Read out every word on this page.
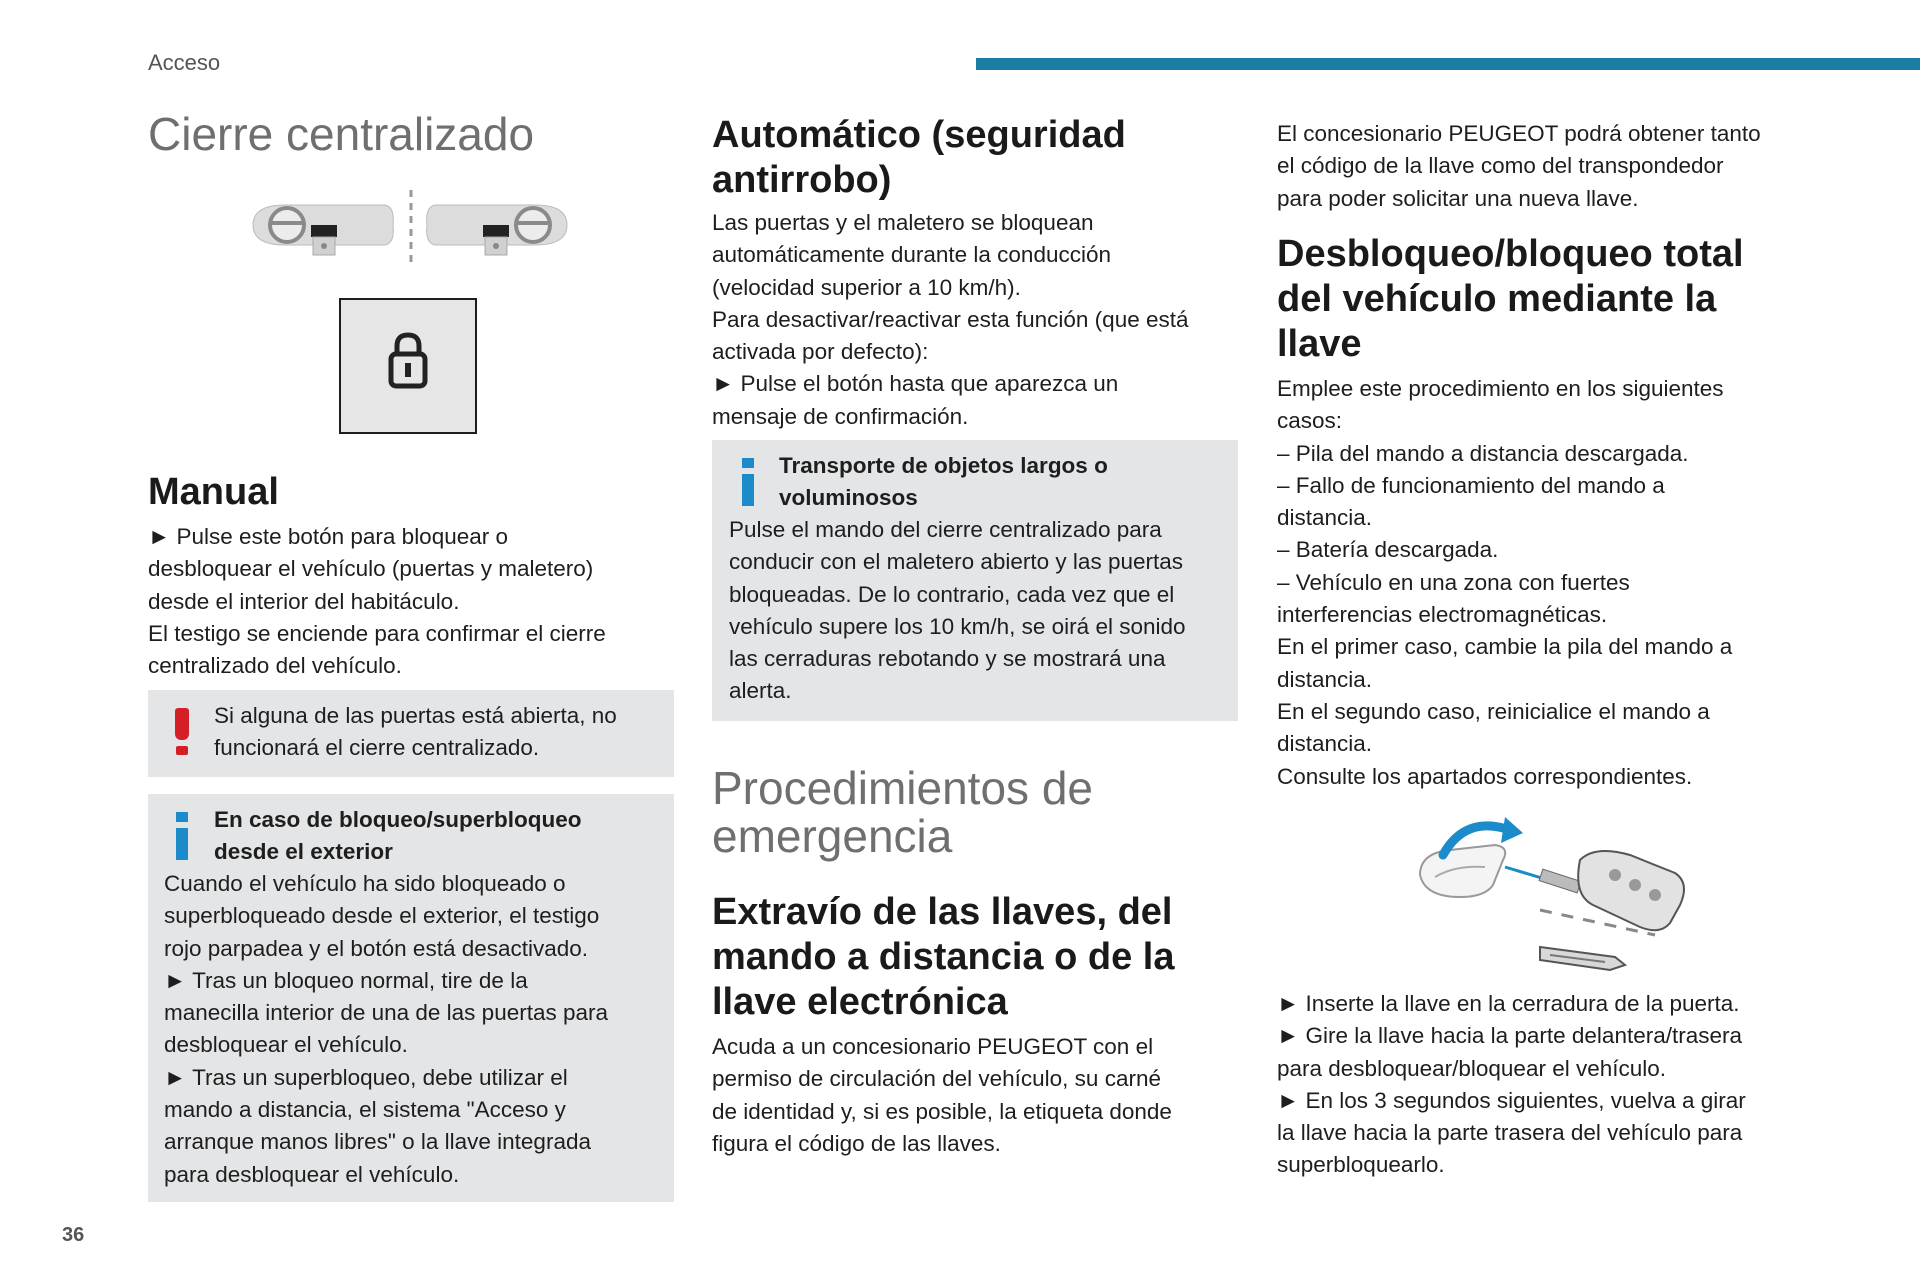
Acceso
36
Cierre centralizado
Manual

► Pulse este botón para bloquear o

desbloquear el vehículo (puertas y maletero)

desde el interior del habitáculo.

El testigo se enciende para confirmar el cierre

centralizado del vehículo.

Si alguna de las puertas está abierta, no

funcionará el cierre centralizado.

En caso de bloqueo/superbloqueo

desde el exterior

Cuando el vehículo ha sido bloqueado o

superbloqueado desde el exterior, el testigo

rojo parpadea y el botón está desactivado.

► Tras un bloqueo normal, tire de la

manecilla interior de una de las puertas para

desbloquear el vehículo.

► Tras un superbloqueo, debe utilizar el

mando a distancia, el sistema "Acceso y

arranque manos libres" o la llave integrada

para desbloquear el vehículo.

Automático (seguridad
antirrobo)

Las puertas y el maletero se bloquean

automáticamente durante la conducción

(velocidad superior a 10 km/h).

Para desactivar/reactivar esta función (que está

activada por defecto):

► Pulse el botón hasta que aparezca un

mensaje de confirmación.

Transporte de objetos largos o

voluminosos

Pulse el mando del cierre centralizado para

conducir con el maletero abierto y las puertas

bloqueadas. De lo contrario, cada vez que el

vehículo supere los 10 km/h, se oirá el sonido

las cerraduras rebotando y se mostrará una

alerta.

Procedimientos de
emergencia
Extravío de las llaves, del
mando a distancia o de la
llave electrónica

Acuda a un concesionario PEUGEOT con el

permiso de circulación del vehículo, su carné

de identidad y, si es posible, la etiqueta donde

figura el código de las llaves.

El concesionario PEUGEOT podrá obtener tanto

el código de la llave como del transpondedor

para poder solicitar una nueva llave.

Desbloqueo/bloqueo total
del vehículo mediante la
llave

Emplee este procedimiento en los siguientes

casos:

– Pila del mando a distancia descargada.

– Fallo de funcionamiento del mando a

distancia.

– Batería descargada.

– Vehículo en una zona con fuertes

interferencias electromagnéticas.

En el primer caso, cambie la pila del mando a

distancia.

En el segundo caso, reinicialice el mando a

distancia.

Consulte los apartados correspondientes.

► Inserte la llave en la cerradura de la puerta.

► Gire la llave hacia la parte delantera/trasera

para desbloquear/bloquear el vehículo.

► En los 3 segundos siguientes, vuelva a girar

la llave hacia la parte trasera del vehículo para

superbloquearlo.
